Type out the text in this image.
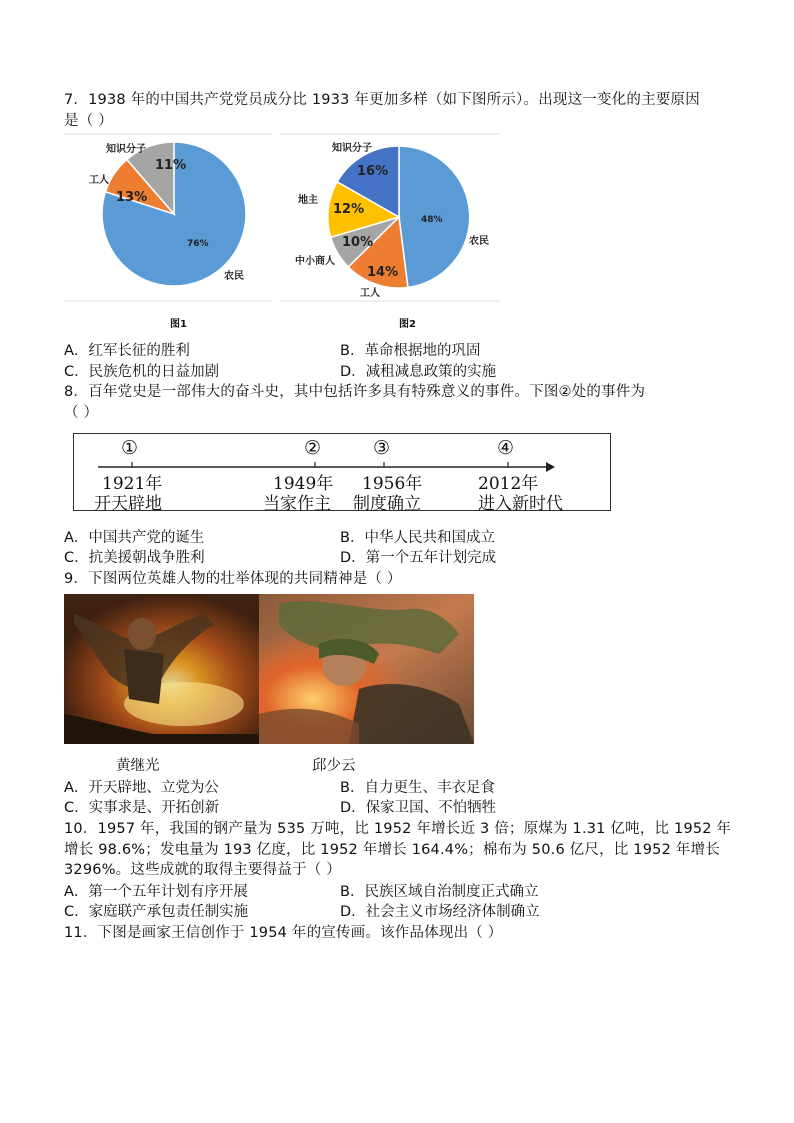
7．1938 年的中国共产党党员成分比 1933 年更加多样（如下图所示）。出现这一变化的主要原因
是（ ）
11%
13%
76%
知识分子
工人
农民
图1
16%
12%
10%
14%
48%
知识分子
地主
中小商人
工人
农民
图2
A．红军长征的胜利	B．革命根据地的巩固
C．民族危机的日益加剧	D．减租减息政策的实施
8．百年党史是一部伟大的奋斗史，其中包括许多具有特殊意义的事件。下图②处的事件为
（ ）
①	②	③	④
1921年	1949年 1956年	2012年
开天辟地	当家作主 制度确立	进入新时代
A．中国共产党的诞生	B．中华人民共和国成立
C．抗美援朝战争胜利	D．第一个五年计划完成
9．下图两位英雄人物的壮举体现的共同精神是（ ）
黄继光	邱少云
A．开天辟地、立党为公	B．自力更生、丰衣足食
C．实事求是、开拓创新	D．保家卫国、不怕牺牲
10．1957 年，我国的钢产量为 535 万吨，比 1952 年增长近 3 倍；原煤为 1.31 亿吨，比 1952 年
增长 98.6%；发电量为 193 亿度，比 1952 年增长 164.4%；棉布为 50.6 亿尺，比 1952 年增长
3296%。这些成就的取得主要得益于（ ）
A．第一个五年计划有序开展	B．民族区域自治制度正式确立
C．家庭联产承包责任制实施	D．社会主义市场经济体制确立
11．下图是画家王信创作于 1954 年的宣传画。该作品体现出（ ）
